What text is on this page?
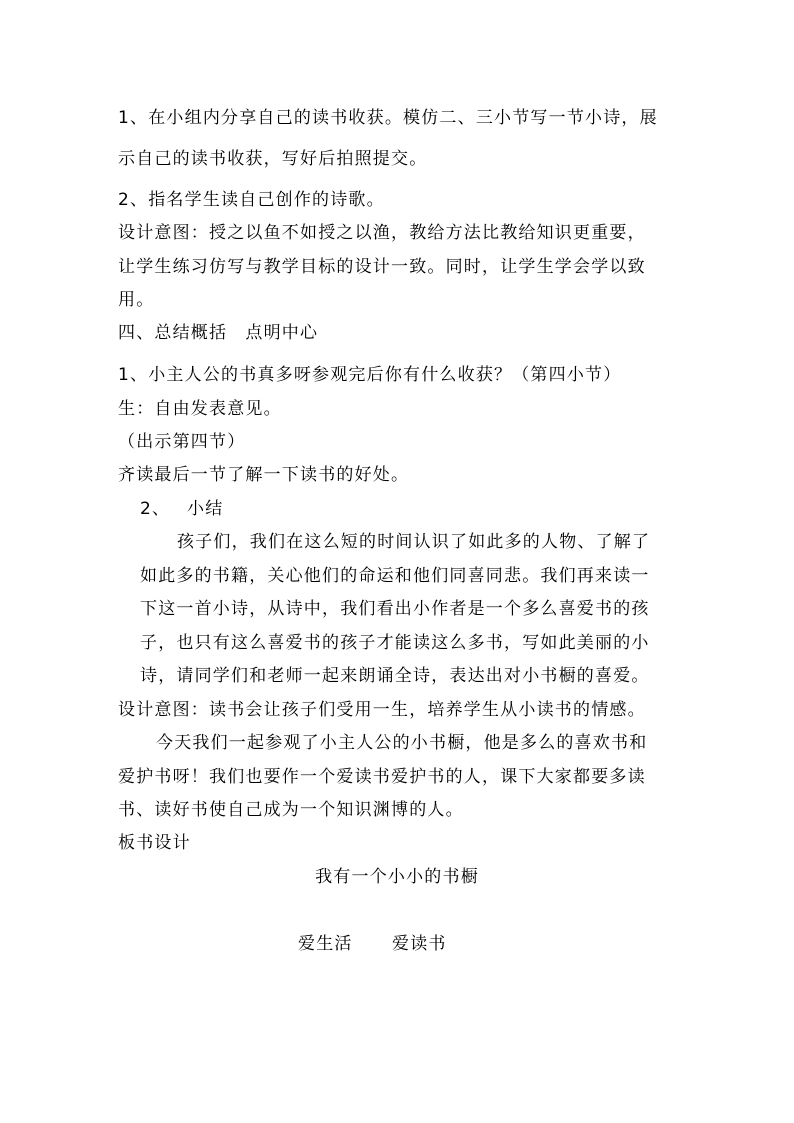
1、在小组内分享自己的读书收获。模仿二、三小节写一节小诗，展
示自己的读书收获，写好后拍照提交。
2、指名学生读自己创作的诗歌。
设计意图：授之以鱼不如授之以渔，教给方法比教给知识更重要，
让学生练习仿写与教学目标的设计一致。同时，让学生学会学以致
用。
四、总结概括　点明中心
1、小主人公的书真多呀参观完后你有什么收获？（第四小节）
生：自由发表意见。
（出示第四节）
齐读最后一节了解一下读书的好处。
2、 小结
孩子们，我们在这么短的时间认识了如此多的人物、了解了
如此多的书籍，关心他们的命运和他们同喜同悲。我们再来读一
下这一首小诗，从诗中，我们看出小作者是一个多么喜爱书的孩
子，也只有这么喜爱书的孩子才能读这么多书，写如此美丽的小
诗，请同学们和老师一起来朗诵全诗，表达出对小书橱的喜爱。
设计意图：读书会让孩子们受用一生，培养学生从小读书的情感。
今天我们一起参观了小主人公的小书橱，他是多么的喜欢书和
爱护书呀！我们也要作一个爱读书爱护书的人，课下大家都要多读
书、读好书使自己成为一个知识渊博的人。
板书设计
我有一个小小的书橱
爱生活 爱读书
